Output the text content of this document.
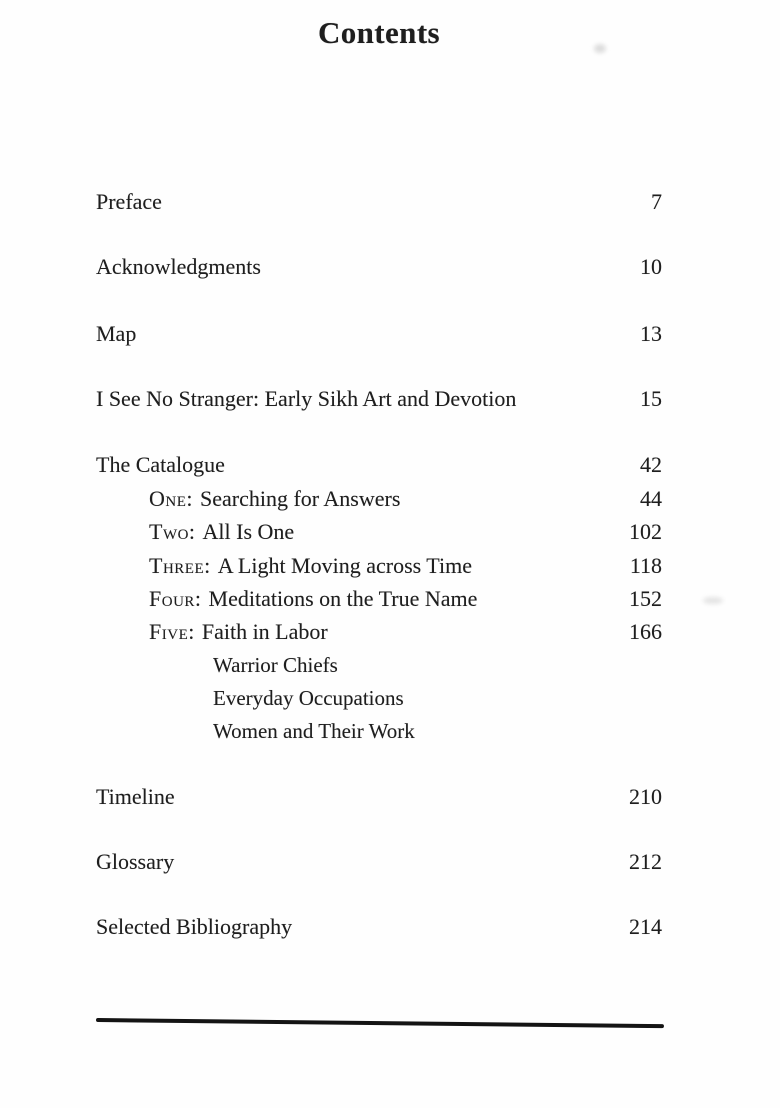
Contents
Preface	7
Acknowledgments	10
Map	13
I See No Stranger: Early Sikh Art and Devotion	15
The Catalogue	42
One: Searching for Answers	44
Two: All Is One	102
Three: A Light Moving across Time	118
Four: Meditations on the True Name	152
Five: Faith in Labor	166
Warrior Chiefs
Everyday Occupations
Women and Their Work
Timeline	210
Glossary	212
Selected Bibliography	214
